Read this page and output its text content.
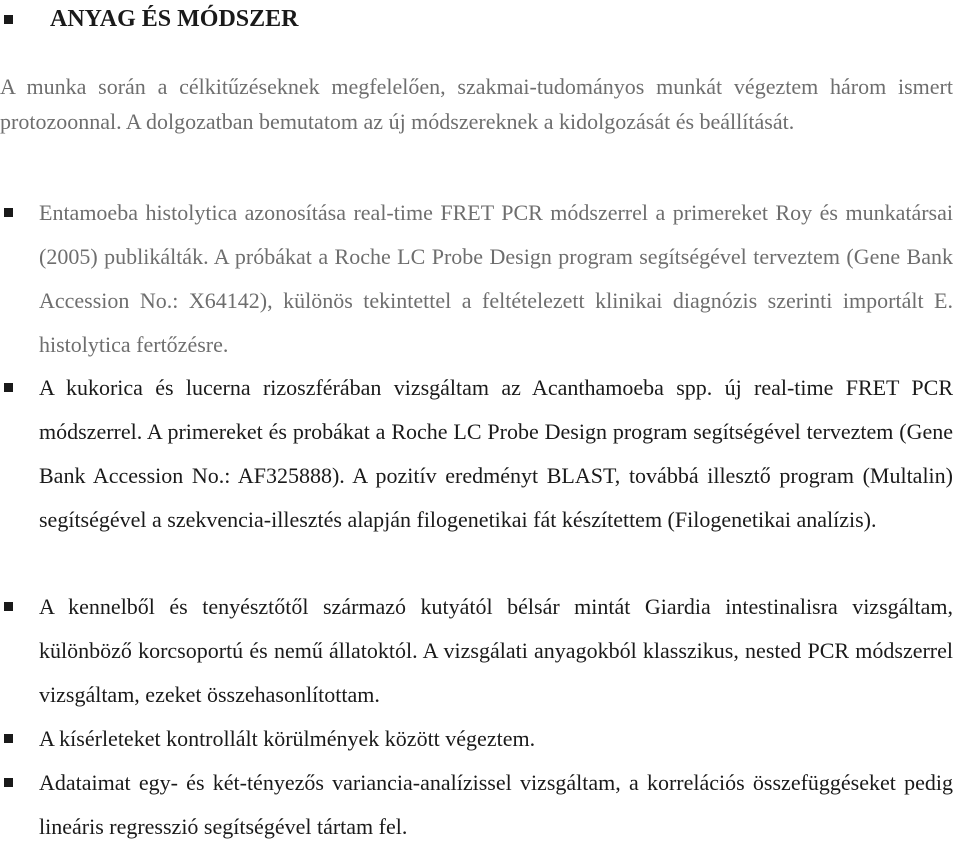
ANYAG ÉS MÓDSZER

A munka során a célkitűzéseknek megfelelően, szakmai-tudományos munkát végeztem három ismert protozoonnal. A dolgozatban bemutatom az új módszereknek a kidolgozását és beállítását.

Entamoeba histolytica azonosítása real-time FRET PCR módszerrel a primereket Roy és munkatársai (2005) publikálták. A próbákat a Roche LC Probe Design program segítségével terveztem (Gene Bank Accession No.: X64142), különös tekintettel a feltételezett klinikai diagnózis szerinti importált E. histolytica fertőzésre.

A kukorica és lucerna rizoszférában vizsgáltam az Acanthamoeba spp. új real-time FRET PCR módszerrel. A primereket és probákat a Roche LC Probe Design program segítségével terveztem (Gene Bank Accession No.: AF325888). A pozitív eredményt BLAST, továbbá illesztő program (Multalin) segítségével a szekvencia-illesztés alapján filogenetikai fát készítettem (Filogenetikai analízis).

A kennelből és tenyésztőtől származó kutyától bélsár mintát Giardia intestinalisra vizsgáltam, különböző korcsoportú és nemű állatoktól. A vizsgálati anyagokból klasszikus, nested PCR módszerrel vizsgáltam, ezeket összehasonlítottam.

A kísérleteket kontrollált körülmények között végeztem.

Adataimat egy- és két-tényezős variancia-analízissel vizsgáltam, a korrelációs összefüggéseket pedig lineáris regresszió segítségével tártam fel.
